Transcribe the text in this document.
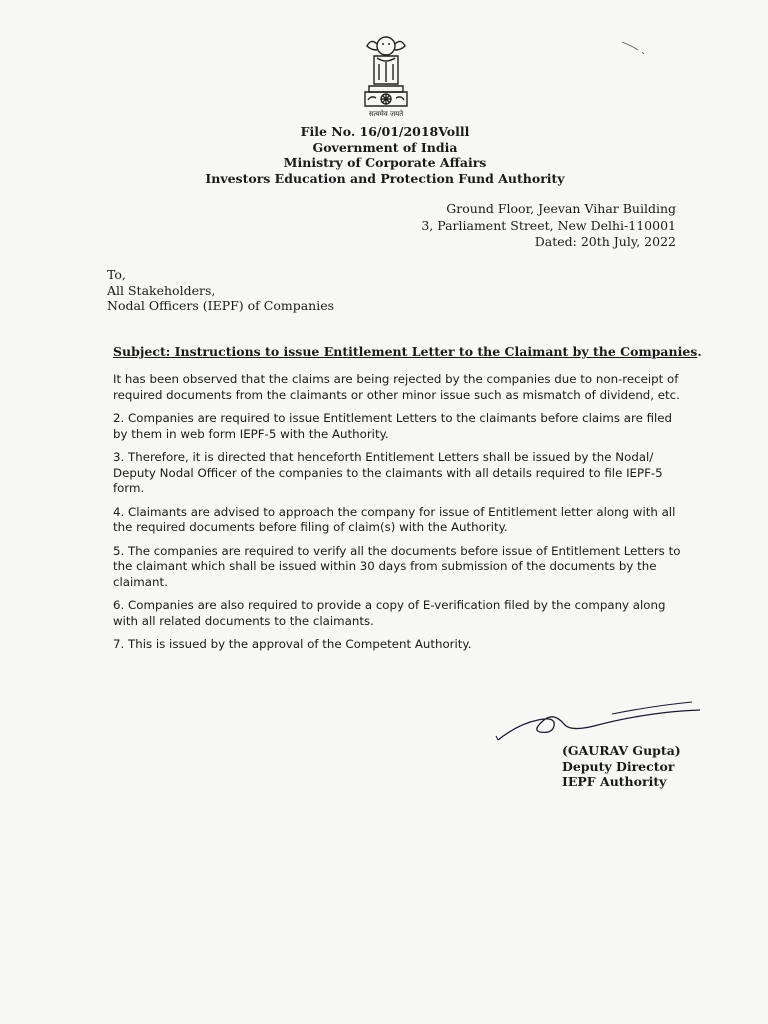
सत्यमेव जयते
File No. 16/01/2018Volll
Government of India
Ministry of Corporate Affairs
Investors Education and Protection Fund Authority
Ground Floor, Jeevan Vihar Building
3, Parliament Street, New Delhi-110001
Dated: 20th July, 2022
To,
All Stakeholders,
Nodal Officers (IEPF) of Companies
Subject: Instructions to issue Entitlement Letter to the Claimant by the Companies.

It has been observed that the claims are being rejected by the companies due to non-receipt of required documents from the claimants or other minor issue such as mismatch of dividend, etc.

2. Companies are required to issue Entitlement Letters to the claimants before claims are filed by them in web form IEPF-5 with the Authority.

3. Therefore, it is directed that henceforth Entitlement Letters shall be issued by the Nodal/ Deputy Nodal Officer of the companies to the claimants with all details required to file IEPF-5 form.

4. Claimants are advised to approach the company for issue of Entitlement letter along with all the required documents before filing of claim(s) with the Authority.

5. The companies are required to verify all the documents before issue of Entitlement Letters to the claimant which shall be issued within 30 days from submission of the documents by the claimant.

6. Companies are also required to provide a copy of E-verification filed by the company along with all related documents to the claimants.

7. This is issued by the approval of the Competent Authority.

(GAURAV Gupta)
Deputy Director
IEPF Authority
